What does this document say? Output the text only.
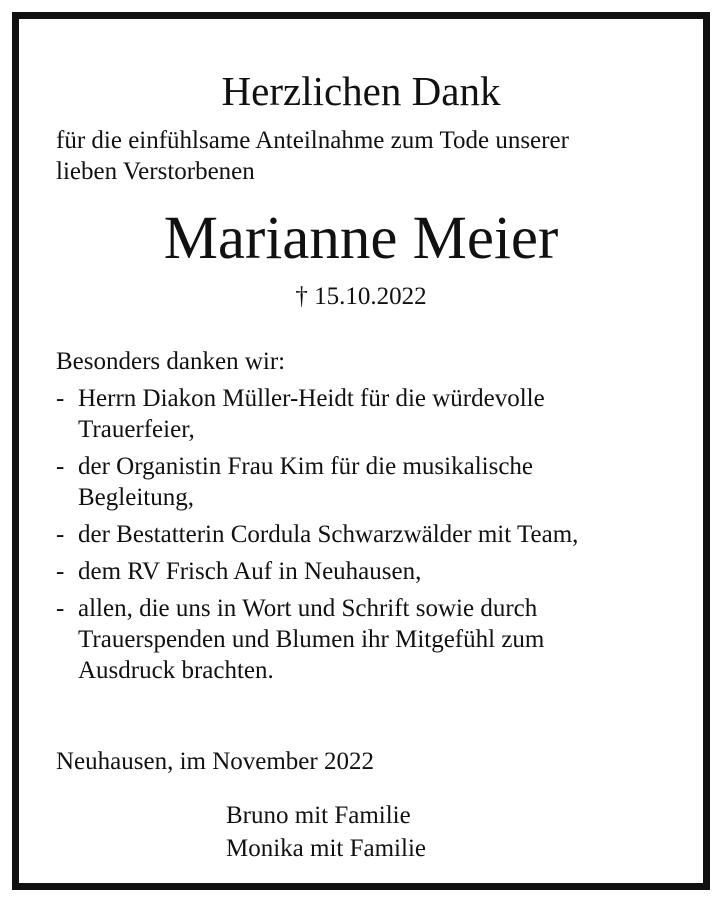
Herzlichen Dank
für die einfühlsame Anteilnahme zum Tode unserer
lieben Verstorbenen
Marianne Meier
† 15.10.2022
Besonders danken wir:
- Herrn Diakon Müller-Heidt für die würdevolle
Trauerfeier,
- der Organistin Frau Kim für die musikalische
Begleitung,
- der Bestatterin Cordula Schwarzwälder mit Team,
- dem RV Frisch Auf in Neuhausen,
- allen, die uns in Wort und Schrift sowie durch
Trauerspenden und Blumen ihr Mitgefühl zum
Ausdruck brachten.
Neuhausen, im November 2022
Bruno mit Familie
Monika mit Familie
